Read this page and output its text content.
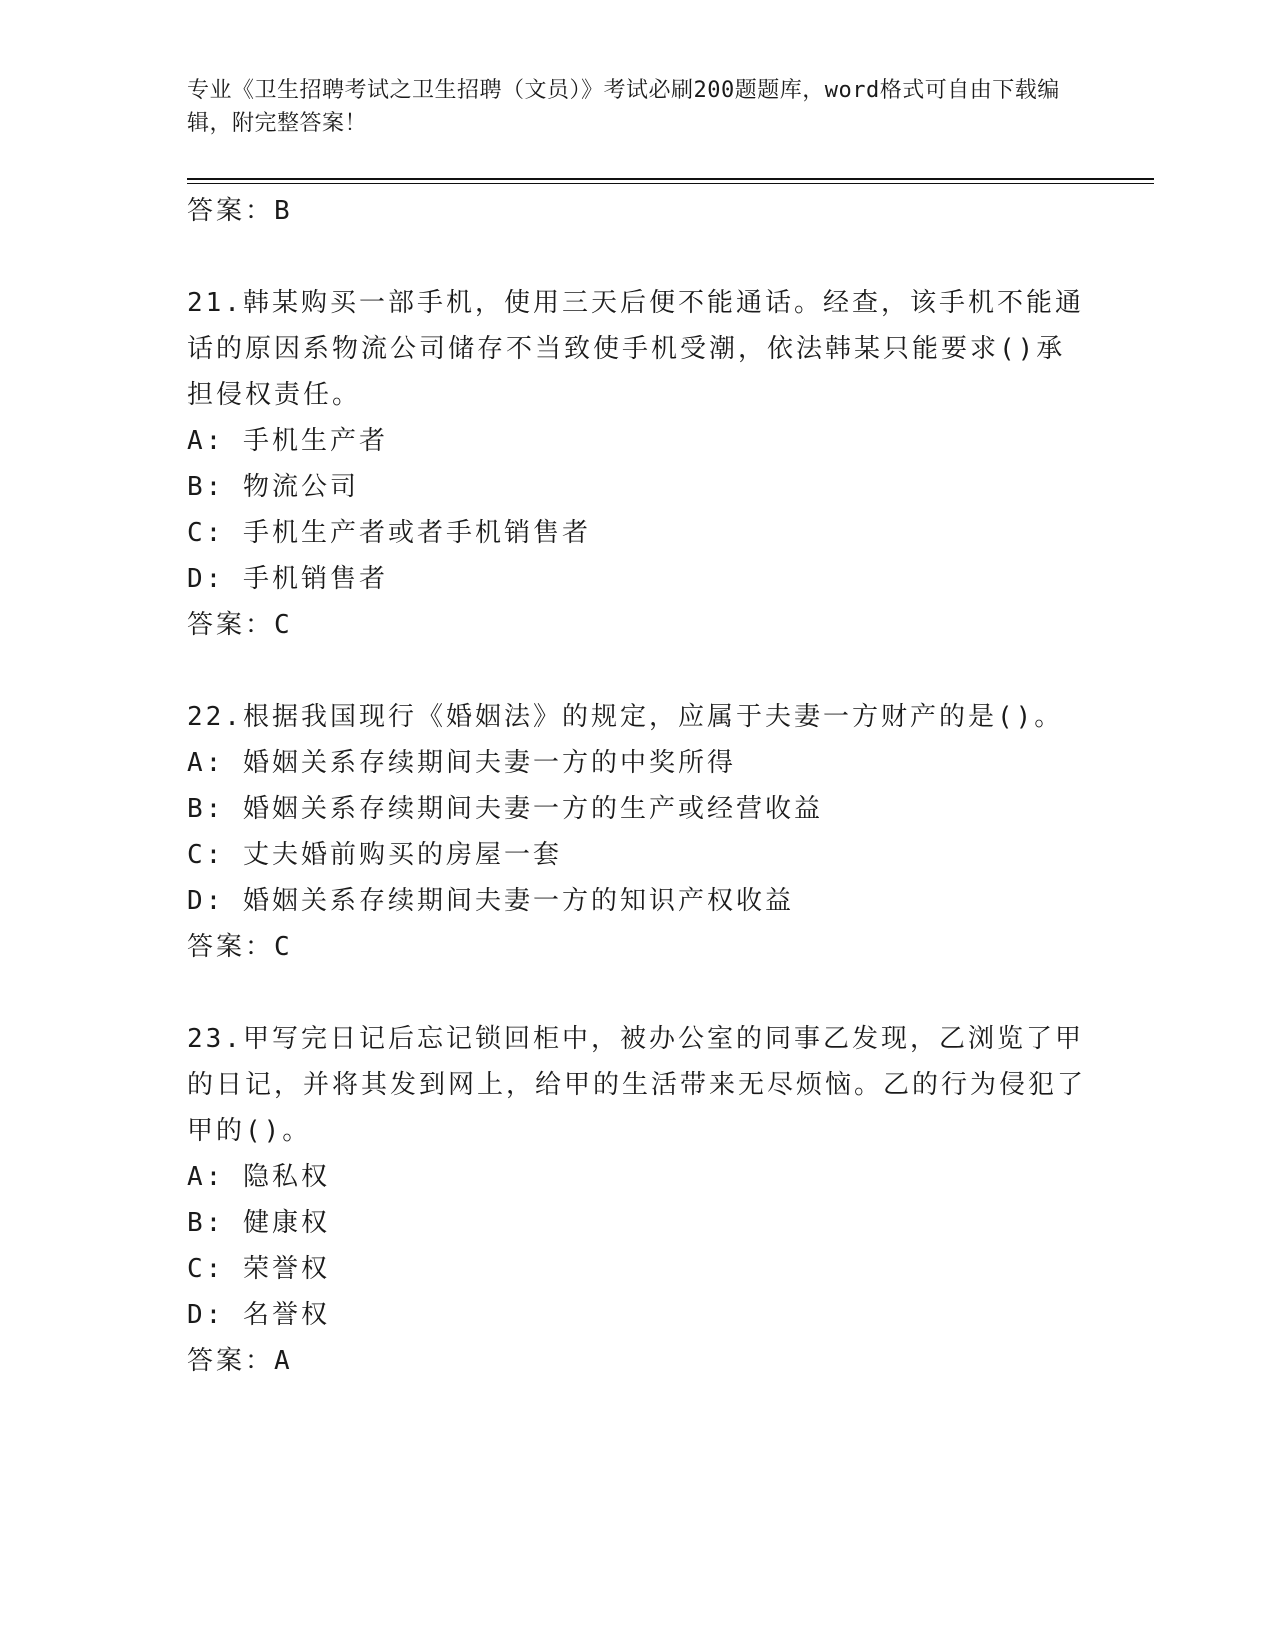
专业《卫生招聘考试之卫生招聘（文员）》考试必刷200题题库，word格式可自由下载编辑，附完整答案！
答案：B
21.韩某购买一部手机，使用三天后便不能通话。经查，该手机不能通话的原因系物流公司储存不当致使手机受潮，依法韩某只能要求()承担侵权责任。
A: 手机生产者
B: 物流公司
C: 手机生产者或者手机销售者
D: 手机销售者
答案：C
22.根据我国现行《婚姻法》的规定，应属于夫妻一方财产的是()。
A: 婚姻关系存续期间夫妻一方的中奖所得
B: 婚姻关系存续期间夫妻一方的生产或经营收益
C: 丈夫婚前购买的房屋一套
D: 婚姻关系存续期间夫妻一方的知识产权收益
答案：C
23.甲写完日记后忘记锁回柜中，被办公室的同事乙发现，乙浏览了甲的日记，并将其发到网上，给甲的生活带来无尽烦恼。乙的行为侵犯了甲的()。
A: 隐私权
B: 健康权
C: 荣誉权
D: 名誉权
答案：A
